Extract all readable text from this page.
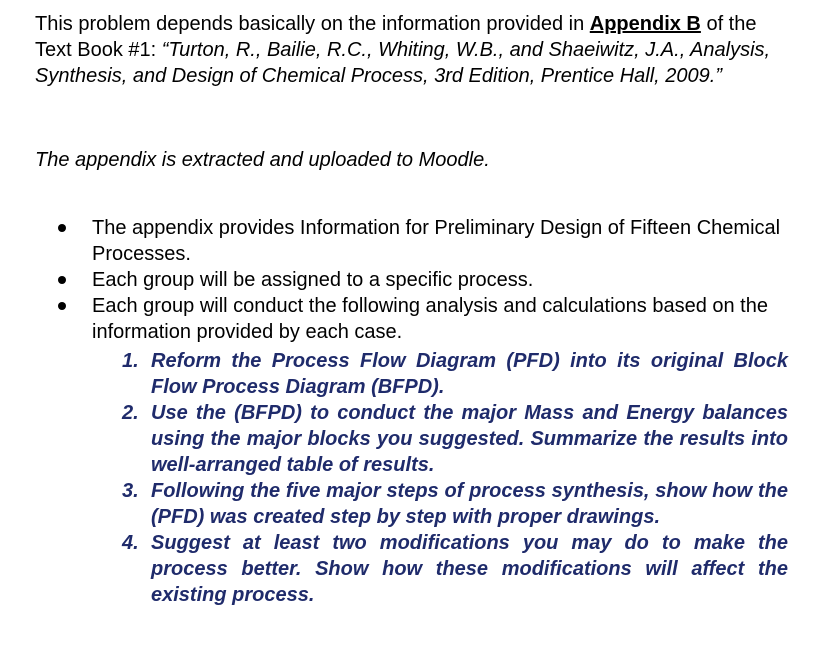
This problem depends basically on the information provided in Appendix B of the Text Book #1: “Turton, R., Bailie, R.C., Whiting, W.B., and Shaeiwitz, J.A., Analysis, Synthesis, and Design of Chemical Process, 3rd Edition, Prentice Hall, 2009.”

The appendix is extracted and uploaded to Moodle.

The appendix provides Information for Preliminary Design of Fifteen Chemical Processes.
Each group will be assigned to a specific process.
Each group will conduct the following analysis and calculations based on the information provided by each case.
1. Reform the Process Flow Diagram (PFD) into its original Block Flow Process Diagram (BFPD).
2. Use the (BFPD) to conduct the major Mass and Energy balances using the major blocks you suggested. Summarize the results into well-arranged table of results.
3. Following the five major steps of process synthesis, show how the (PFD) was created step by step with proper drawings.
4. Suggest at least two modifications you may do to make the process better. Show how these modifications will affect the existing process.
